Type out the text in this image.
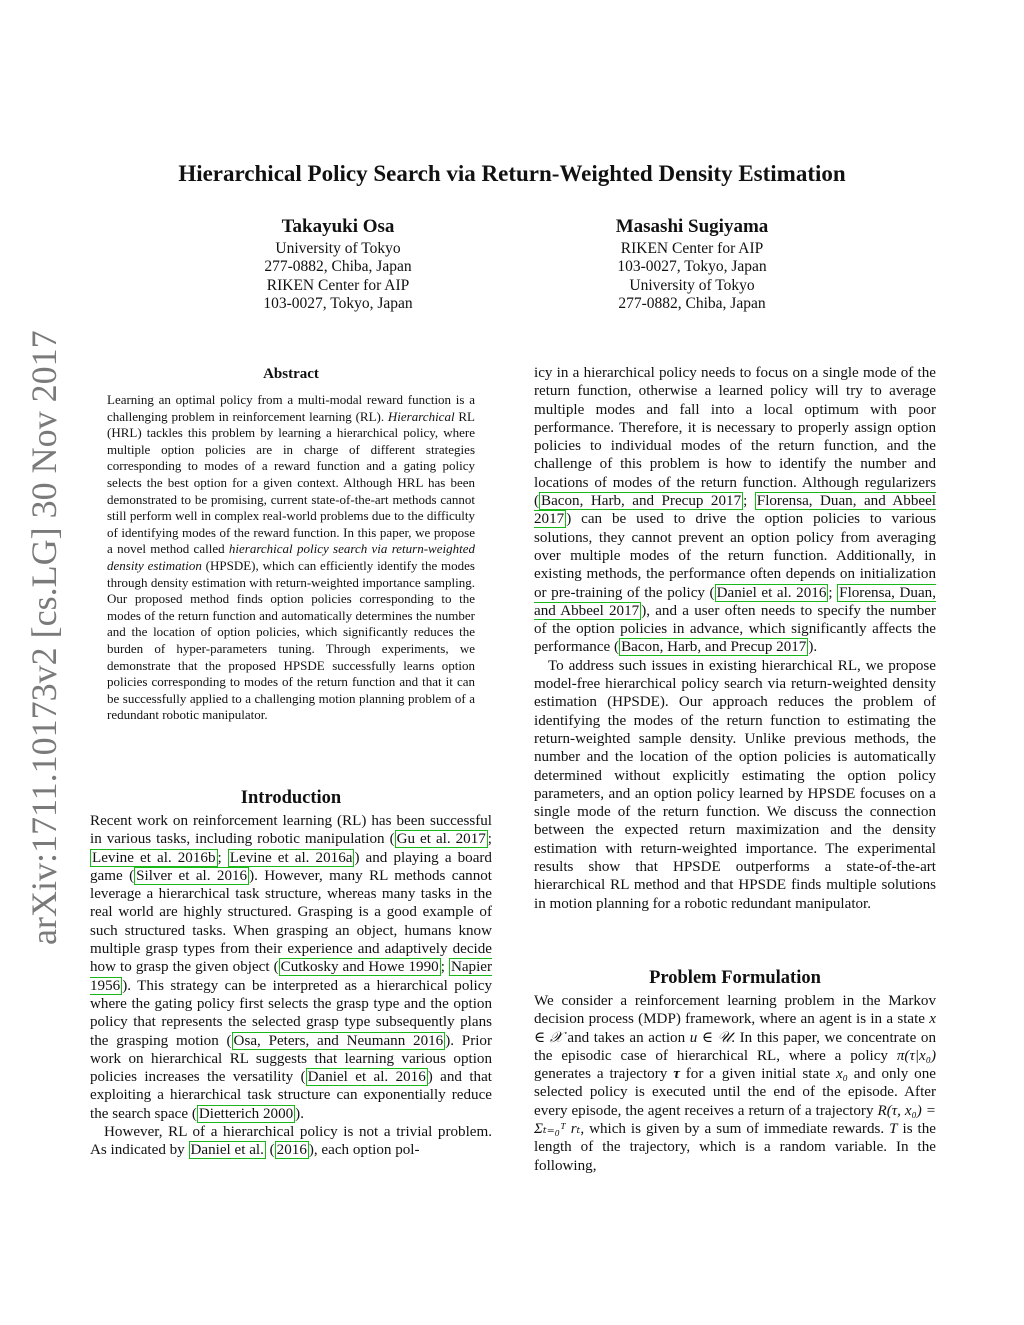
arXiv:1711.10173v2 [cs.LG] 30 Nov 2017
Hierarchical Policy Search via Return-Weighted Density Estimation
Takayuki Osa
University of Tokyo
277-0882, Chiba, Japan
RIKEN Center for AIP
103-0027, Tokyo, Japan
Masashi Sugiyama
RIKEN Center for AIP
103-0027, Tokyo, Japan
University of Tokyo
277-0882, Chiba, Japan
Abstract
Learning an optimal policy from a multi-modal reward function is a challenging problem in reinforcement learning (RL). Hierarchical RL (HRL) tackles this problem by learning a hierarchical policy, where multiple option policies are in charge of different strategies corresponding to modes of a reward function and a gating policy selects the best option for a given context. Although HRL has been demonstrated to be promising, current state-of-the-art methods cannot still perform well in complex real-world problems due to the difficulty of identifying modes of the reward function. In this paper, we propose a novel method called hierarchical policy search via return-weighted density estimation (HPSDE), which can efficiently identify the modes through density estimation with return-weighted importance sampling. Our proposed method finds option policies corresponding to the modes of the return function and automatically determines the number and the location of option policies, which significantly reduces the burden of hyper-parameters tuning. Through experiments, we demonstrate that the proposed HPSDE successfully learns option policies corresponding to modes of the return function and that it can be successfully applied to a challenging motion planning problem of a redundant robotic manipulator.
Introduction

Recent work on reinforcement learning (RL) has been successful in various tasks, including robotic manipulation ( Gu et al. 2017 ; Levine et al. 2016b ; Levine et al. 2016a ) and playing a board game ( Silver et al. 2016 ). However, many RL methods cannot leverage a hierarchical task structure, whereas many tasks in the real world are highly structured. Grasping is a good example of such structured tasks. When grasping an object, humans know multiple grasp types from their experience and adaptively decide how to grasp the given object ( Cutkosky and Howe 1990 ; Napier 1956 ). This strategy can be interpreted as a hierarchical policy where the gating policy first selects the grasp type and the option policy that represents the selected grasp type subsequently plans the grasping motion ( Osa, Peters, and Neumann 2016 ). Prior work on hierarchical RL suggests that learning various option policies increases the versatility ( Daniel et al. 2016 ) and that exploiting a hierarchical task structure can exponentially reduce the search space ( Dietterich 2000 ).

However, RL of a hierarchical policy is not a trivial problem. As indicated by Daniel et al. ( 2016 ), each option pol-

icy in a hierarchical policy needs to focus on a single mode of the return function, otherwise a learned policy will try to average multiple modes and fall into a local optimum with poor performance. Therefore, it is necessary to properly assign option policies to individual modes of the return function, and the challenge of this problem is how to identify the number and locations of modes of the return function. Although regularizers ( Bacon, Harb, and Precup 2017 ; Florensa, Duan, and Abbeel 2017 ) can be used to drive the option policies to various solutions, they cannot prevent an option policy from averaging over multiple modes of the return function. Additionally, in existing methods, the performance often depends on initialization or pre-training of the policy ( Daniel et al. 2016 ; Florensa, Duan, and Abbeel 2017 ), and a user often needs to specify the number of the option policies in advance, which significantly affects the performance ( Bacon, Harb, and Precup 2017 ).

To address such issues in existing hierarchical RL, we propose model-free hierarchical policy search via return-weighted density estimation (HPSDE). Our approach reduces the problem of identifying the modes of the return function to estimating the return-weighted sample density. Unlike previous methods, the number and the location of the option policies is automatically determined without explicitly estimating the option policy parameters, and an option policy learned by HPSDE focuses on a single mode of the return function. We discuss the connection between the expected return maximization and the density estimation with return-weighted importance. The experimental results show that HPSDE outperforms a state-of-the-art hierarchical RL method and that HPSDE finds multiple solutions in motion planning for a robotic redundant manipulator.

Problem Formulation

We consider a reinforcement learning problem in the Markov decision process (MDP) framework, where an agent is in a state x ∈ 𝒳 and takes an action u ∈ 𝒰. In this paper, we concentrate on the episodic case of hierarchical RL, where a policy π(τ|x₀) generates a trajectory τ for a given initial state x₀ and only one selected policy is executed until the end of the episode. After every episode, the agent receives a return of a trajectory R(τ, x₀) = Σₜ₌₀ᵀ rₜ, which is given by a sum of immediate rewards. T is the length of the trajectory, which is a random variable. In the following,
